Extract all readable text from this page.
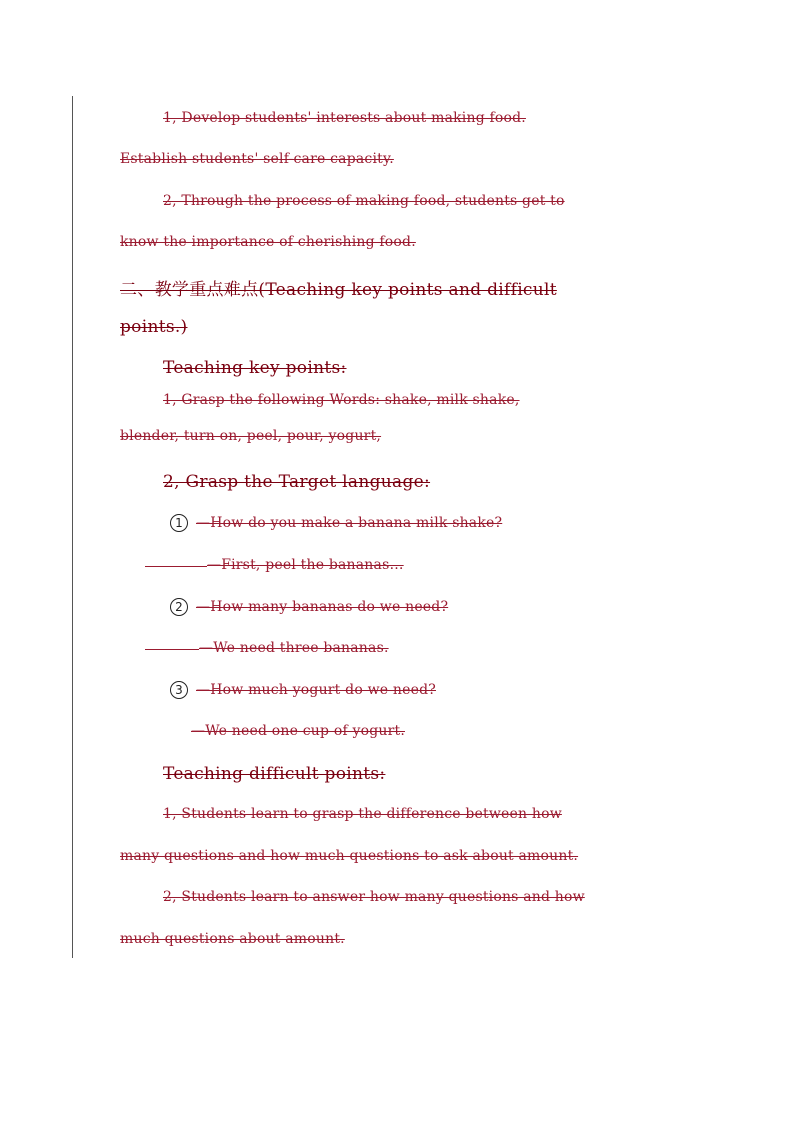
1, Develop students' interests about making food.
Establish students' self-care capacity.
2, Through the process of making food, students get to
know the importance of cherishing food.
二、教学重点难点(Teaching key points and difficult
points.)
Teaching key points:
1, Grasp the following Words: shake, milk shake,
blender, turn on, peel, pour, yogurt,
2, Grasp the Target language:
1 —How do you make a banana milk shake?
—First, peel the bananas…
2 —How many bananas do we need?
—We need three bananas.
3 —How much yogurt do we need?
—We need one cup of yogurt.
Teaching difficult points:
1, Students learn to grasp the difference between how
many questions and how much questions to ask about amount.
2, Students learn to answer how many questions and how
much questions about amount.
